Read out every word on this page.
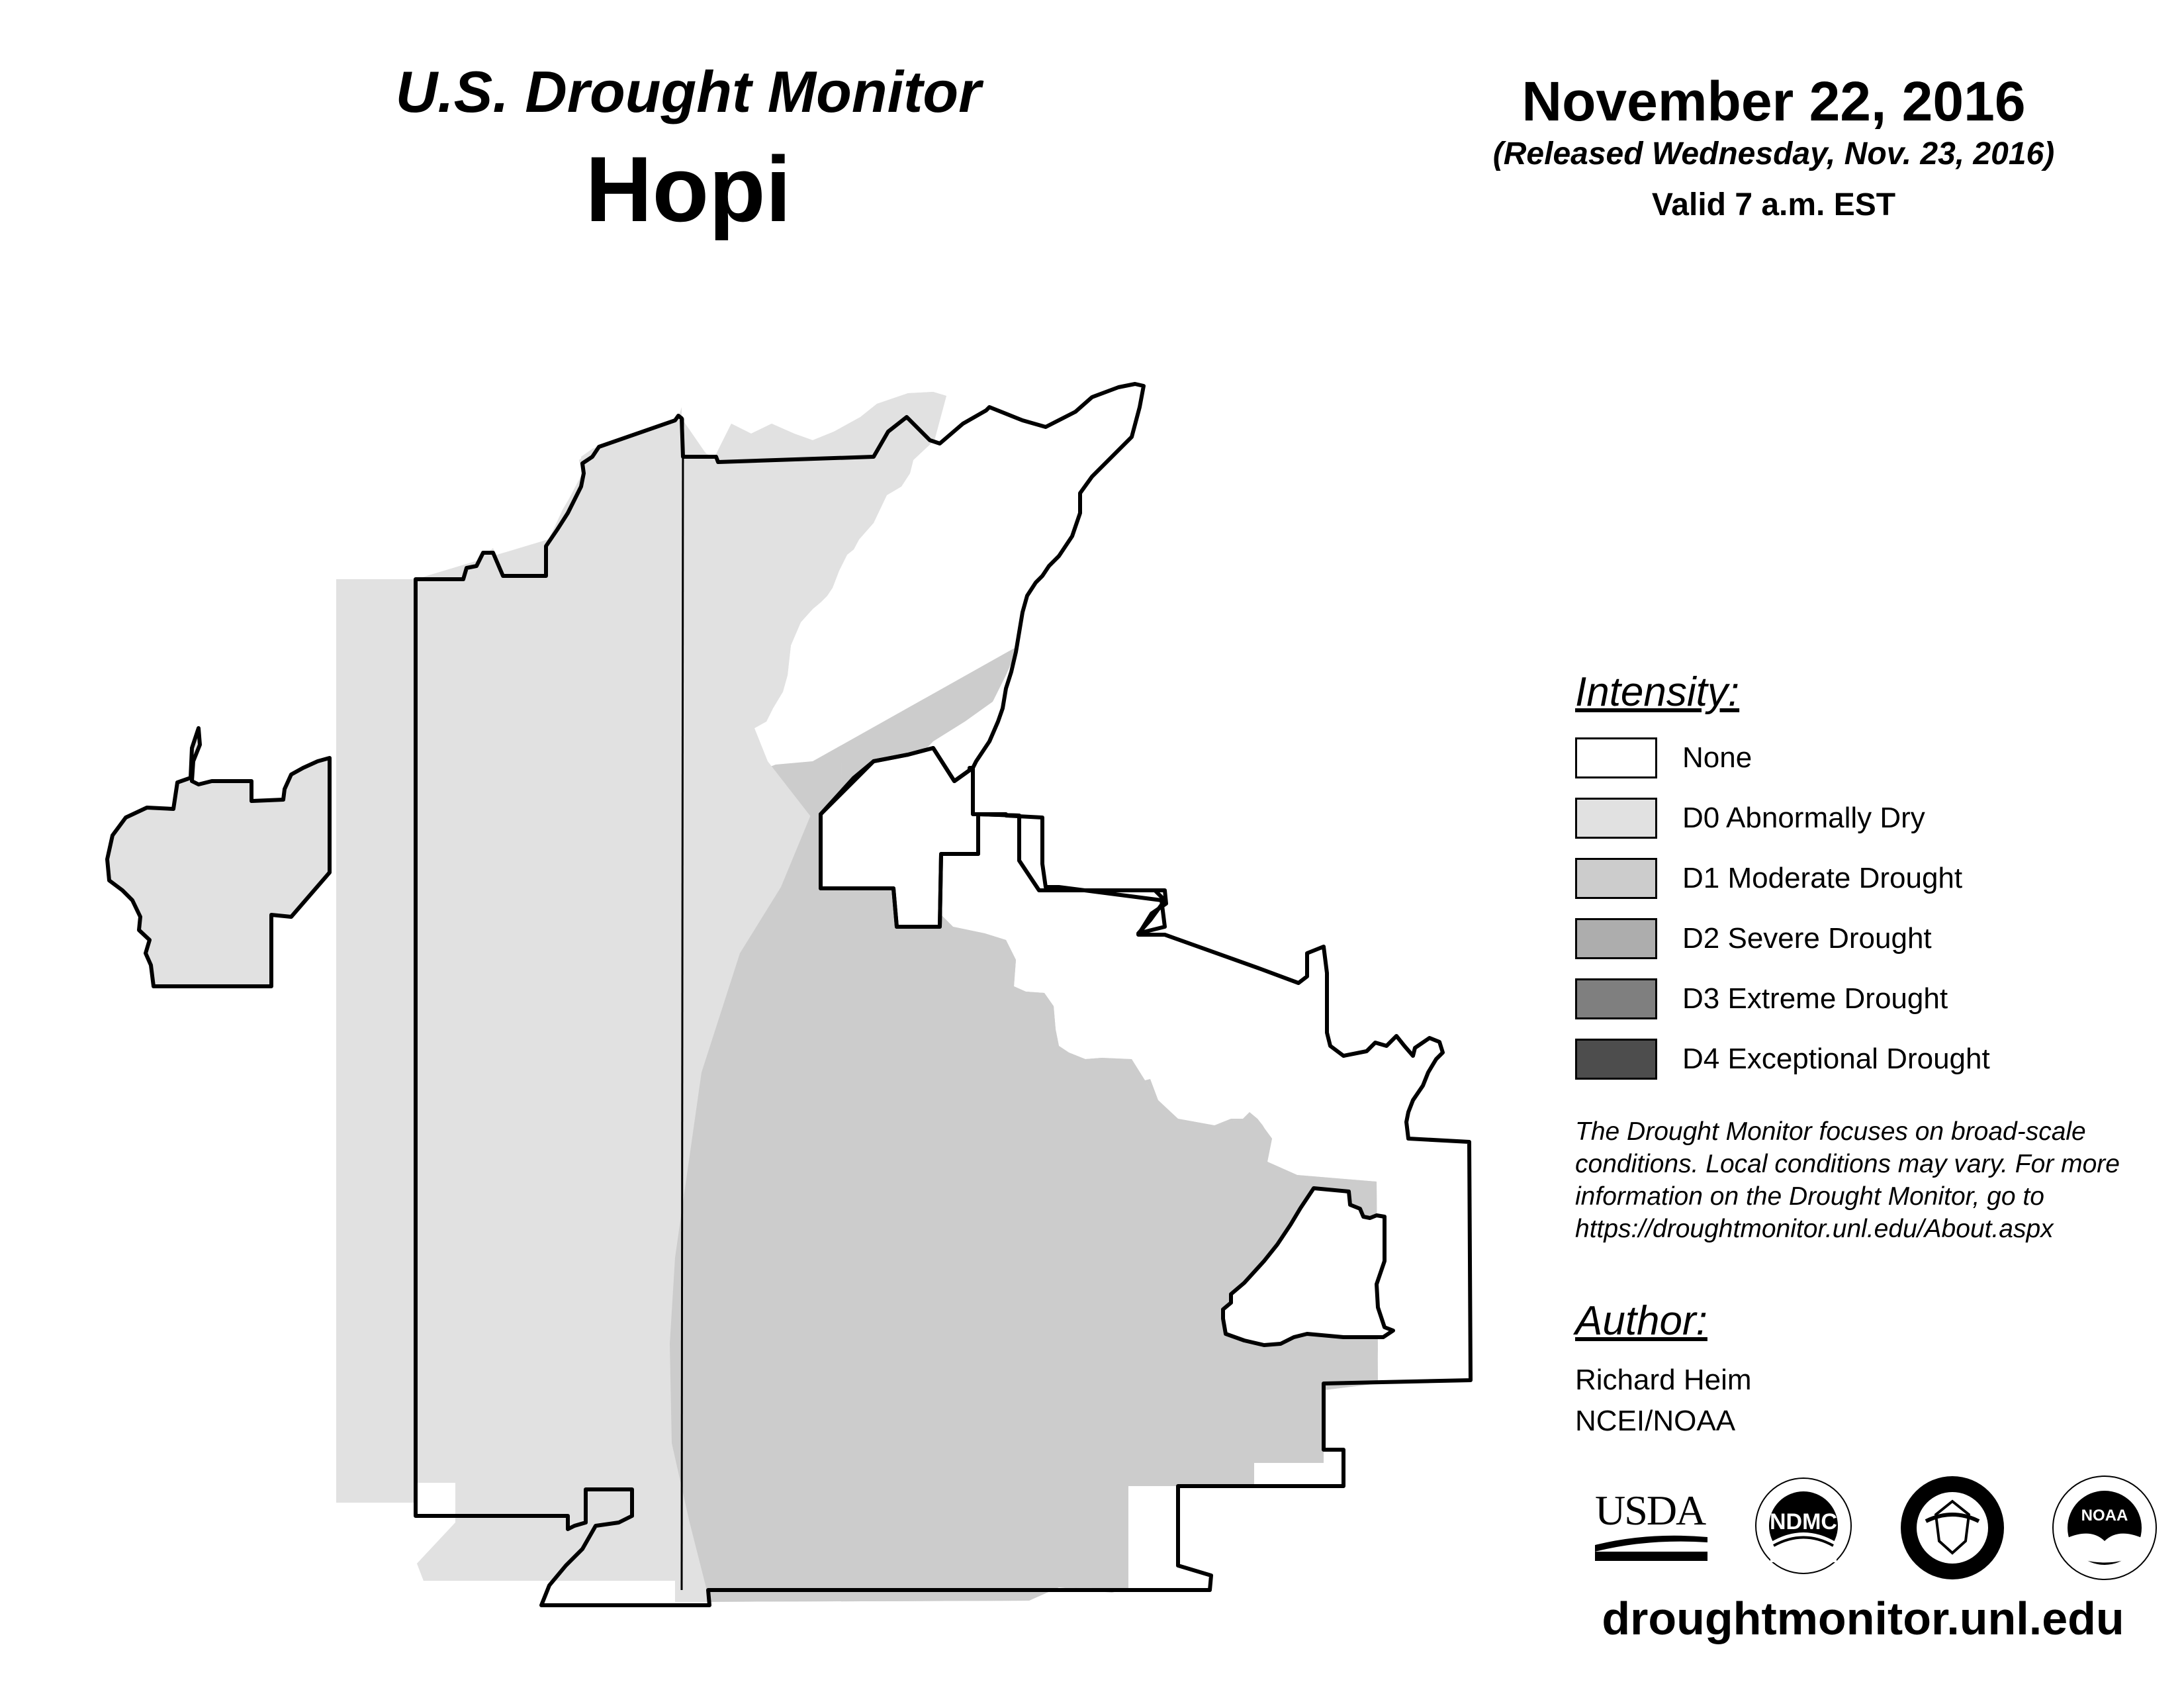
U.S. Drought Monitor
Hopi
November 22, 2016
(Released Wednesday, Nov. 23, 2016)
Valid 7 a.m. EST
Intensity:
None
D0 Abnormally Dry
D1 Moderate Drought
D2 Severe Drought
D3 Extreme Drought
D4 Exceptional Drought
The Drought Monitor focuses on broad-scale conditions. Local conditions may vary. For more information on the Drought Monitor, go to https://droughtmonitor.unl.edu/About.aspx
Author:
Richard Heim
NCEI/NOAA
USDA	NDMC	NOAA
droughtmonitor.unl.edu
